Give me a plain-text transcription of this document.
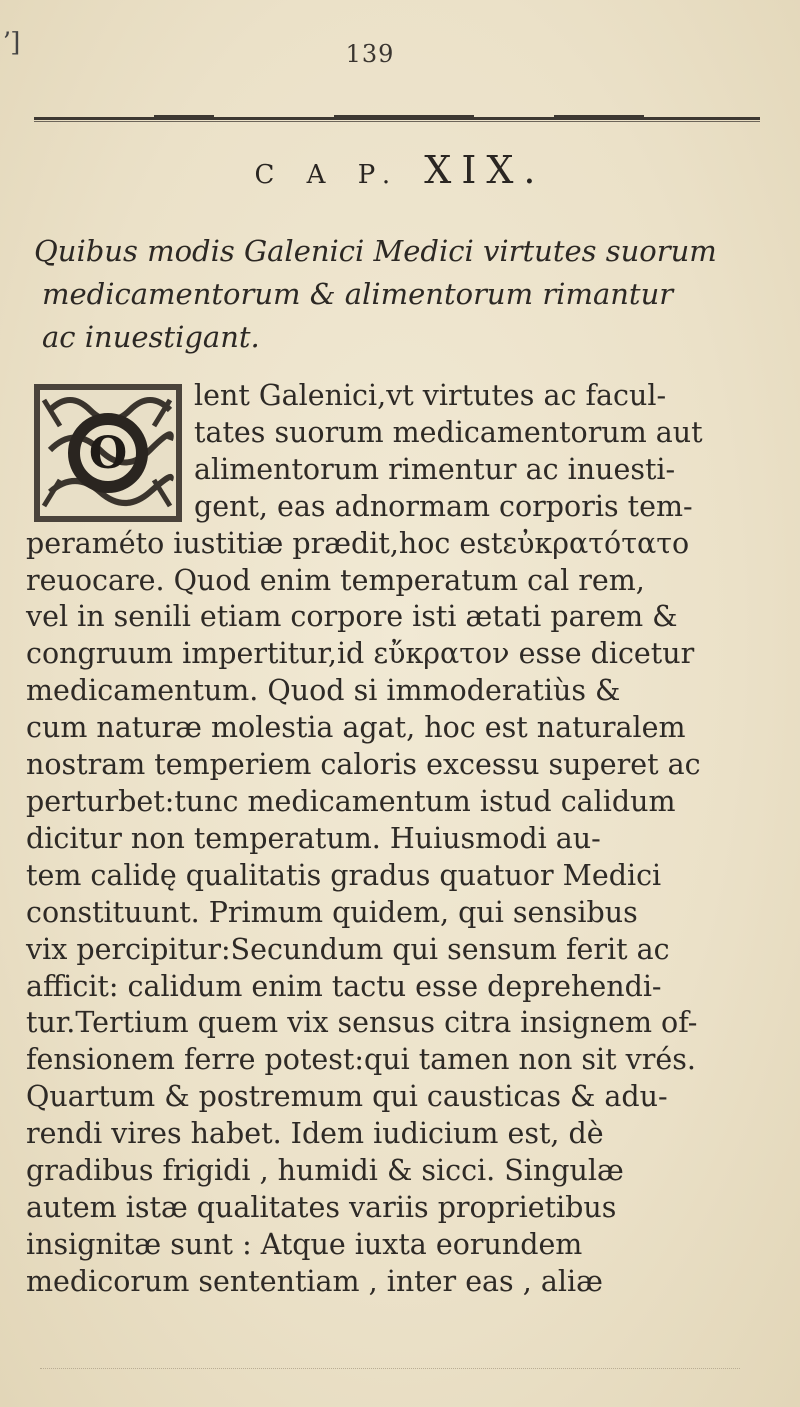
ʼ]	139
C A P. XIX.
Quibus modis Galenici Medici virtutes suorum
medicamentorum & alimentorum rimantur
ac inuestigant.
O
lent Galenici,vt virtutes ac facul-
tates suorum medicamentorum aut
alimentorum rimentur ac inuesti-
gent, eas adnormam corporis tem-
peraméto iustitiæ prædit,hoc estεὐκρατότατο
reuocare. Quod enim temperatum cal rem,
vel in senili etiam corpore isti ætati parem &
congruum impertitur,id εὔκρατον esse dicetur
medicamentum. Quod si immoderatiùs &
cum naturæ molestia agat, hoc est naturalem
nostram temperiem caloris excessu superet ac
perturbet:tunc medicamentum istud calidum
dicitur non temperatum. Huiusmodi au-
tem calidę qualitatis gradus quatuor Medici
constituunt. Primum quidem, qui sensibus
vix percipitur:Secundum qui sensum ferit ac
afficit: calidum enim tactu esse deprehendi-
tur.Tertium quem vix sensus citra insignem of-
fensionem ferre potest:qui tamen non sit vrés.
Quartum & postremum qui causticas & adu-
rendi vires habet. Idem iudicium est, dè
gradibus frigidi , humidi & sicci. Singulæ
autem istæ qualitates variis proprietibus
insignitæ sunt : Atque iuxta eorundem
medicorum sententiam , inter eas , aliæ
